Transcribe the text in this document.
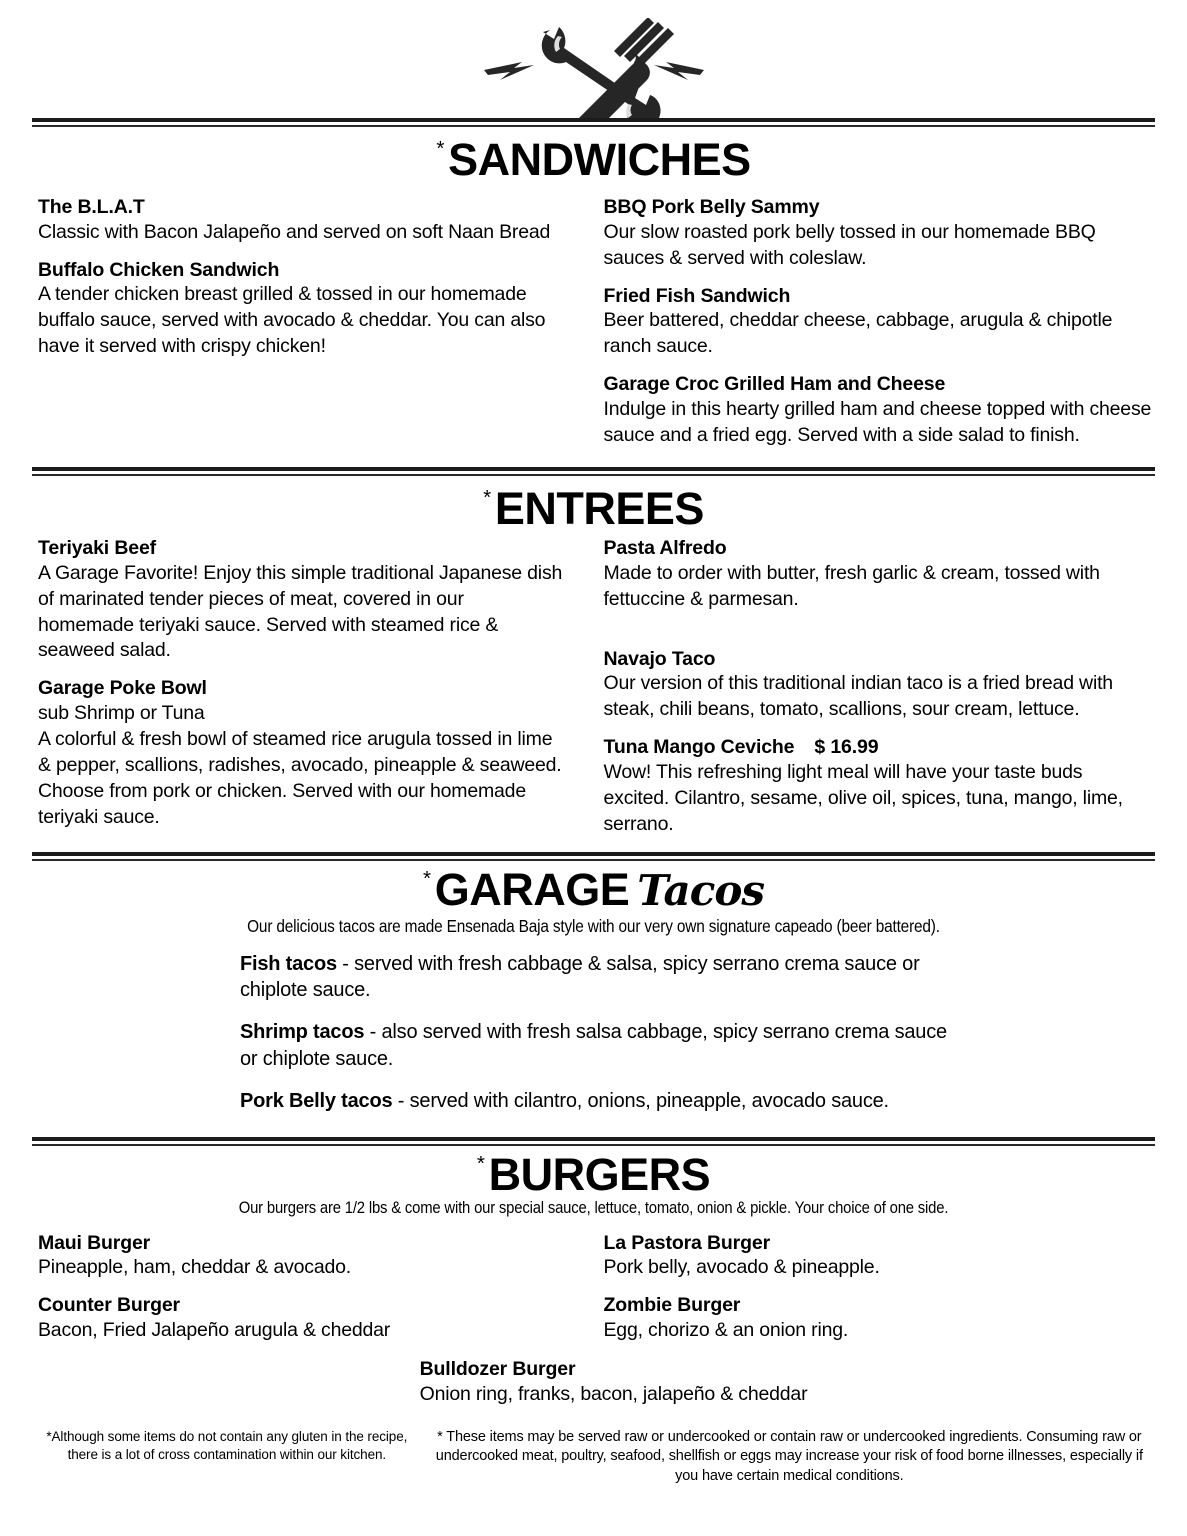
*SANDWICHES
The B.L.A.T
Classic with Bacon Jalapeño and served on soft Naan Bread
Buffalo Chicken Sandwich
A tender chicken breast grilled & tossed in our homemade buffalo sauce, served with avocado & cheddar. You can also have it served with crispy chicken!
BBQ Pork Belly Sammy
Our slow roasted pork belly tossed in our homemade BBQ sauces & served with coleslaw.
Fried Fish Sandwich
Beer battered, cheddar cheese, cabbage, arugula & chipotle ranch sauce.
Garage Croc Grilled Ham and Cheese
Indulge in this hearty grilled ham and cheese topped with cheese sauce and a fried egg. Served with a side salad to finish.
*ENTREES
Teriyaki Beef
A Garage Favorite! Enjoy this simple traditional Japanese dish of marinated tender pieces of meat, covered in our homemade teriyaki sauce. Served with steamed rice & seaweed salad.
Garage Poke Bowl
sub Shrimp or Tuna
A colorful & fresh bowl of steamed rice arugula tossed in lime & pepper, scallions, radishes, avocado, pineapple & seaweed. Choose from pork or chicken. Served with our homemade teriyaki sauce.
Pasta Alfredo
Made to order with butter, fresh garlic & cream, tossed with fettuccine & parmesan.
Navajo Taco
Our version of this traditional indian taco is a fried bread with steak, chili beans, tomato, scallions, sour cream, lettuce.
Tuna Mango Ceviche $ 16.99
Wow! This refreshing light meal will have your taste buds excited. Cilantro, sesame, olive oil, spices, tuna, mango, lime, serrano.
*GARAGE Tacos
Our delicious tacos are made Ensenada Baja style with our very own signature capeado (beer battered).
Fish tacos - served with fresh cabbage & salsa, spicy serrano crema sauce or chiplote sauce.
Shrimp tacos - also served with fresh salsa cabbage, spicy serrano crema sauce or chiplote sauce.
Pork Belly tacos - served with cilantro, onions, pineapple, avocado sauce.
*BURGERS
Our burgers are 1/2 lbs & come with our special sauce, lettuce, tomato, onion & pickle. Your choice of one side.
Maui Burger
Pineapple, ham, cheddar & avocado.
Counter Burger
Bacon, Fried Jalapeño arugula & cheddar
La Pastora Burger
Pork belly, avocado & pineapple.
Zombie Burger
Egg, chorizo & an onion ring.
Bulldozer Burger
Onion ring, franks, bacon, jalapeño & cheddar
*Although some items do not contain any gluten in the recipe, there is a lot of cross contamination within our kitchen.
* These items may be served raw or undercooked or contain raw or undercooked ingredients. Consuming raw or undercooked meat, poultry, seafood, shellfish or eggs may increase your risk of food borne illnesses, especially if you have certain medical conditions.
